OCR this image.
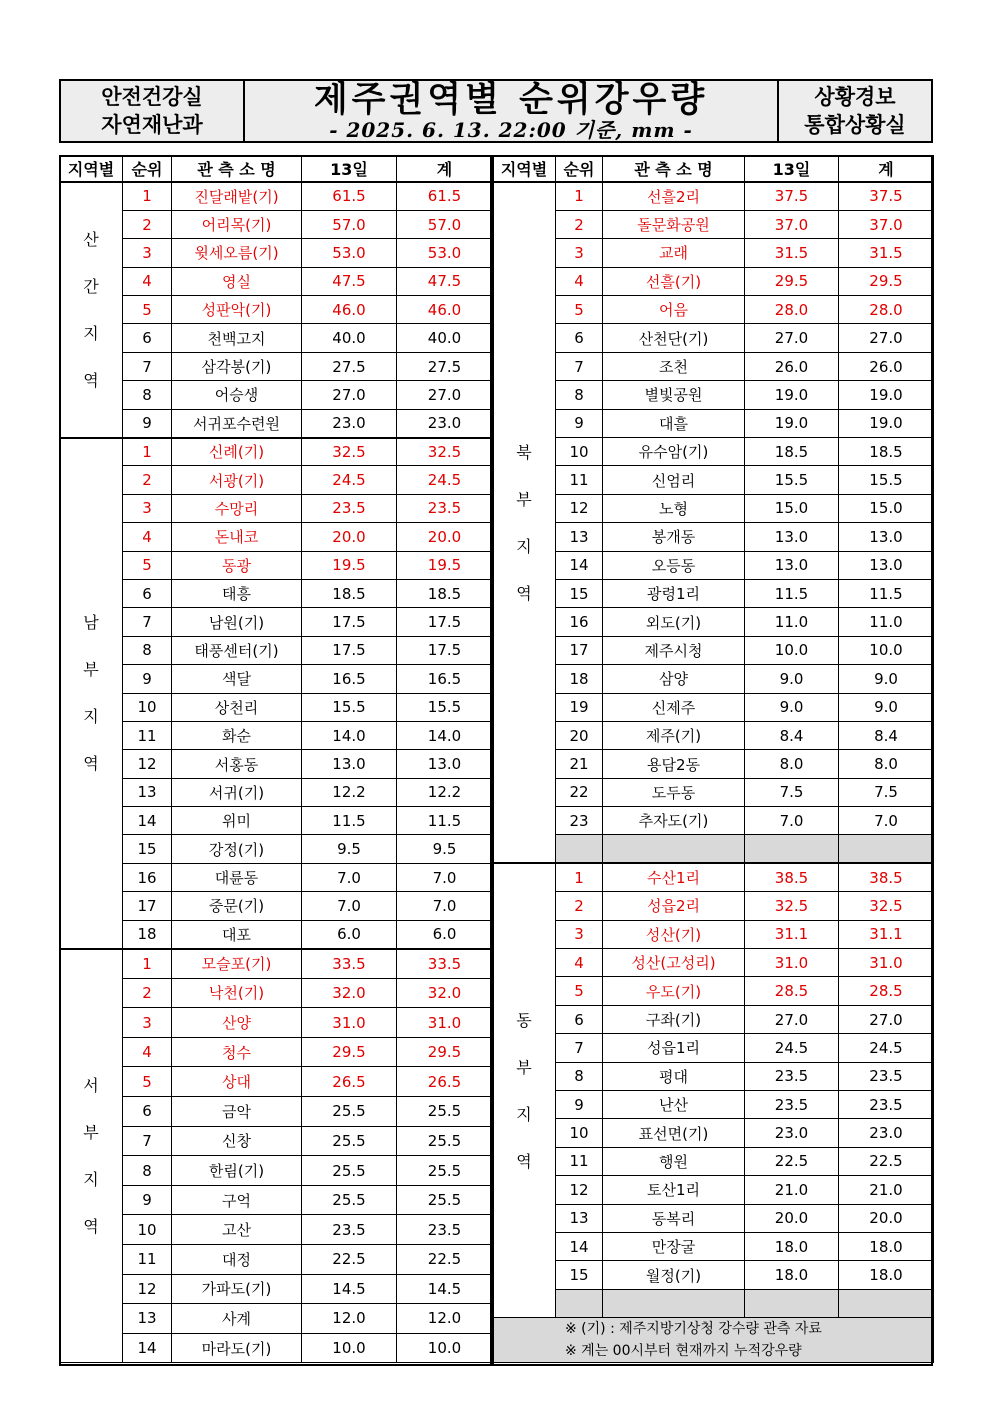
안전건강실
자연재난과
제주권역별 순위강우량
- 2025. 6. 13. 22:00 기준, mm -
상황경보
통합상황실
지역별	순위	관 측 소 명	13일	계

산
간
지
역	1	진달래밭(기)	61.5	61.5
	2	어리목(기)	57.0	57.0
	3	윗세오름(기)	53.0	53.0
	4	영실	47.5	47.5
	5	성판악(기)	46.0	46.0
	6	천백고지	40.0	40.0
	7	삼각봉(기)	27.5	27.5
	8	어승생	27.0	27.0
	9	서귀포수련원	23.0	23.0

남
부
지
역	1	신례(기)	32.5	32.5
	2	서광(기)	24.5	24.5
	3	수망리	23.5	23.5
	4	돈내코	20.0	20.0
	5	동광	19.5	19.5
	6	태흥	18.5	18.5
	7	남원(기)	17.5	17.5
	8	태풍센터(기)	17.5	17.5
	9	색달	16.5	16.5
	10	상천리	15.5	15.5
	11	화순	14.0	14.0
	12	서홍동	13.0	13.0
	13	서귀(기)	12.2	12.2
	14	위미	11.5	11.5
	15	강정(기)	9.5	9.5
	16	대륜동	7.0	7.0
	17	중문(기)	7.0	7.0
	18	대포	6.0	6.0

서
부
지
역	1	모슬포(기)	33.5	33.5
	2	낙천(기)	32.0	32.0
	3	산양	31.0	31.0
	4	청수	29.5	29.5
	5	상대	26.5	26.5
	6	금악	25.5	25.5
	7	신창	25.5	25.5
	8	한림(기)	25.5	25.5
	9	구억	25.5	25.5
	10	고산	23.5	23.5
	11	대정	22.5	22.5
	12	가파도(기)	14.5	14.5
	13	사계	12.0	12.0
	14	마라도(기)	10.0	10.0
지역별	순위	관 측 소 명	13일	계

북
부
지
역	1	선흘2리	37.5	37.5
	2	돌문화공원	37.0	37.0
	3	교래	31.5	31.5
	4	선흘(기)	29.5	29.5
	5	어음	28.0	28.0
	6	산천단(기)	27.0	27.0
	7	조천	26.0	26.0
	8	별빛공원	19.0	19.0
	9	대흘	19.0	19.0
	10	유수암(기)	18.5	18.5
	11	신엄리	15.5	15.5
	12	노형	15.0	15.0
	13	봉개동	13.0	13.0
	14	오등동	13.0	13.0
	15	광령1리	11.5	11.5
	16	외도(기)	11.0	11.0
	17	제주시청	10.0	10.0
	18	삼양	9.0	9.0
	19	신제주	9.0	9.0
	20	제주(기)	8.4	8.4
	21	용담2동	8.0	8.0
	22	도두동	7.5	7.5
	23	추자도(기)	7.0	7.0

동
부
지
역	1	수산1리	38.5	38.5
	2	성읍2리	32.5	32.5
	3	성산(기)	31.1	31.1
	4	성산(고성리)	31.0	31.0
	5	우도(기)	28.5	28.5
	6	구좌(기)	27.0	27.0
	7	성읍1리	24.5	24.5
	8	평대	23.5	23.5
	9	난산	23.5	23.5
	10	표선면(기)	23.0	23.0
	11	행원	22.5	22.5
	12	토산1리	21.0	21.0
	13	동복리	20.0	20.0
	14	만장굴	18.0	18.0
	15	월정(기)	18.0	18.0

※ (기) : 제주지방기상청 강수량 관측 자료
※ 계는 00시부터 현재까지 누적강우량				
